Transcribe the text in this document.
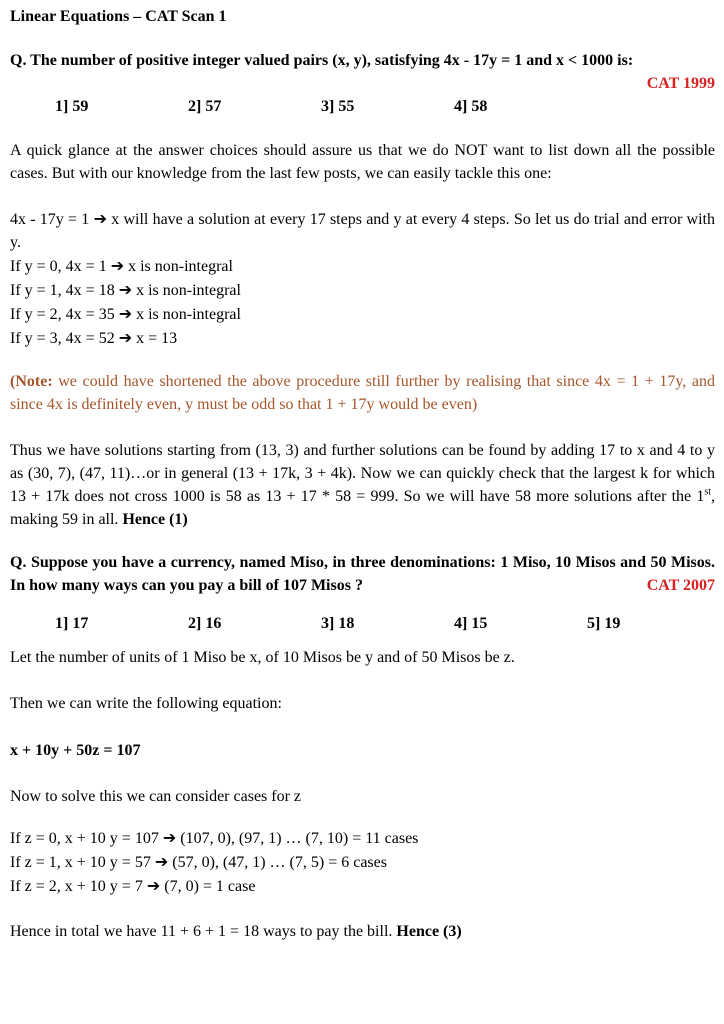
Linear Equations – CAT Scan 1
Q. The number of positive integer valued pairs (x, y), satisfying 4x - 17y = 1 and x < 1000 is:
CAT 1999
1] 59	2] 57	3] 55	4] 58
A quick glance at the answer choices should assure us that we do NOT want to list down all the possible cases. But with our knowledge from the last few posts, we can easily tackle this one:
4x - 17y = 1 ➔ x will have a solution at every 17 steps and y at every 4 steps. So let us do trial and error with y.
If y = 0, 4x = 1 ➔ x is non-integral
If y = 1, 4x = 18 ➔ x is non-integral
If y = 2, 4x = 35 ➔ x is non-integral
If y = 3, 4x = 52 ➔ x = 13
(Note: we could have shortened the above procedure still further by realising that since 4x = 1 + 17y, and since 4x is definitely even, y must be odd so that 1 + 17y would be even)
Thus we have solutions starting from (13, 3) and further solutions can be found by adding 17 to x and 4 to y as (30, 7), (47, 11)…or in general (13 + 17k, 3 + 4k). Now we can quickly check that the largest k for which 13 + 17k does not cross 1000 is 58 as 13 + 17 * 58 = 999. So we will have 58 more solutions after the 1st, making 59 in all. Hence (1)
Q. Suppose you have a currency, named Miso, in three denominations: 1 Miso, 10 Misos and 50 Misos. In how many ways can you pay a bill of 107 Misos ?	CAT 2007
1] 17	2] 16	3] 18	4] 15	5] 19
Let the number of units of 1 Miso be x, of 10 Misos be y and of 50 Misos be z.
Then we can write the following equation:
x + 10y + 50z = 107
Now to solve this we can consider cases for z
If z = 0, x + 10 y = 107 ➔ (107, 0), (97, 1) … (7, 10) = 11 cases
If z = 1, x + 10 y = 57 ➔ (57, 0), (47, 1) … (7, 5) = 6 cases
If z = 2, x + 10 y = 7 ➔ (7, 0) = 1 case
Hence in total we have 11 + 6 + 1 = 18 ways to pay the bill. Hence (3)
